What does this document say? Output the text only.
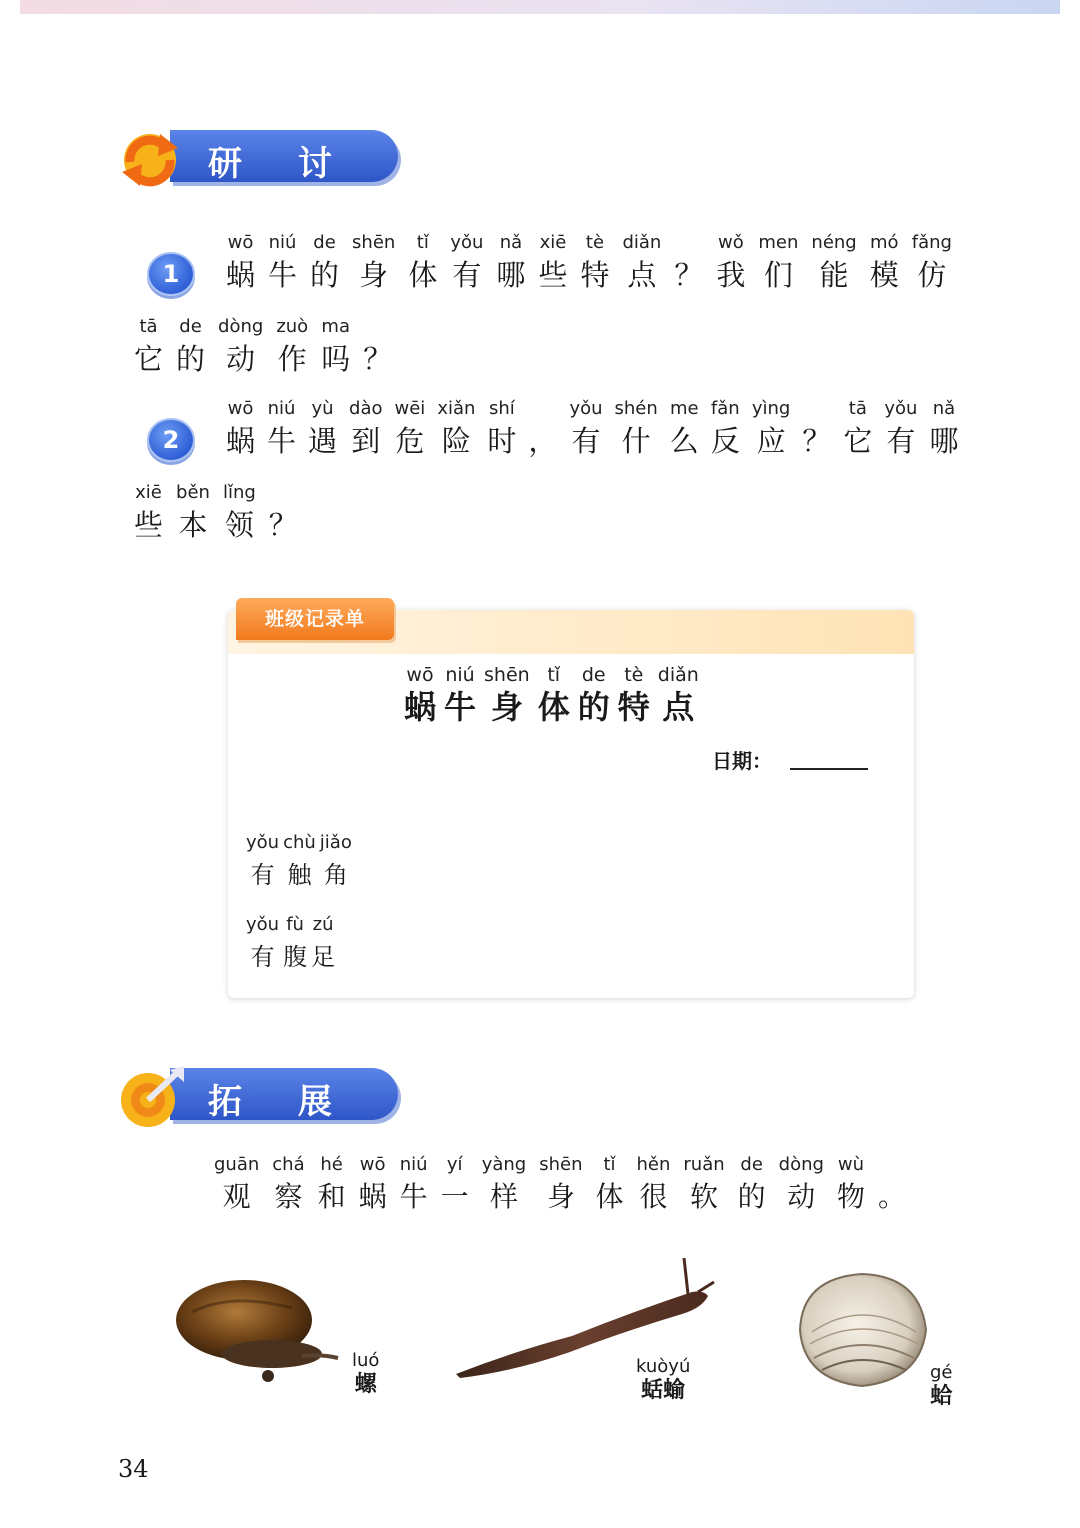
研 讨
1
wō
蜗
niú
牛
de
的
shēn
身
tǐ
体
yǒu
有
nǎ
哪
xiē
些
tè
特
diǎn
点 ？
wǒ
我
men
们
néng
能
mó
模
fǎng
仿
tā
它
de
的
dòng
动
zuò
作
ma
吗 ？
2
wō
蜗
niú
牛
yù
遇
dào
到
wēi
危
xiǎn
险
shí
时 ，
yǒu
有
shén
什
me
么
fǎn
反
yìng
应 ？
tā
它
yǒu
有
nǎ
哪
xiē
些
běn
本
lǐng
领 ？
班级记录单
wō
蜗
niú
牛
shēn
身
tǐ
体
de
的
tè
特
diǎn
点
日期：
yǒu
有
chù
触
jiǎo
角
yǒu
有
fù
腹
zú
足
拓 展
guān
观
chá
察
hé
和
wō
蜗
niú
牛
yí
一
yàng
样
shēn
身
tǐ
体
hěn
很
ruǎn
软
de
的
dòng
动
wù
物 。
luó
螺
kuòyú
蛞蝓
gé
蛤
34
